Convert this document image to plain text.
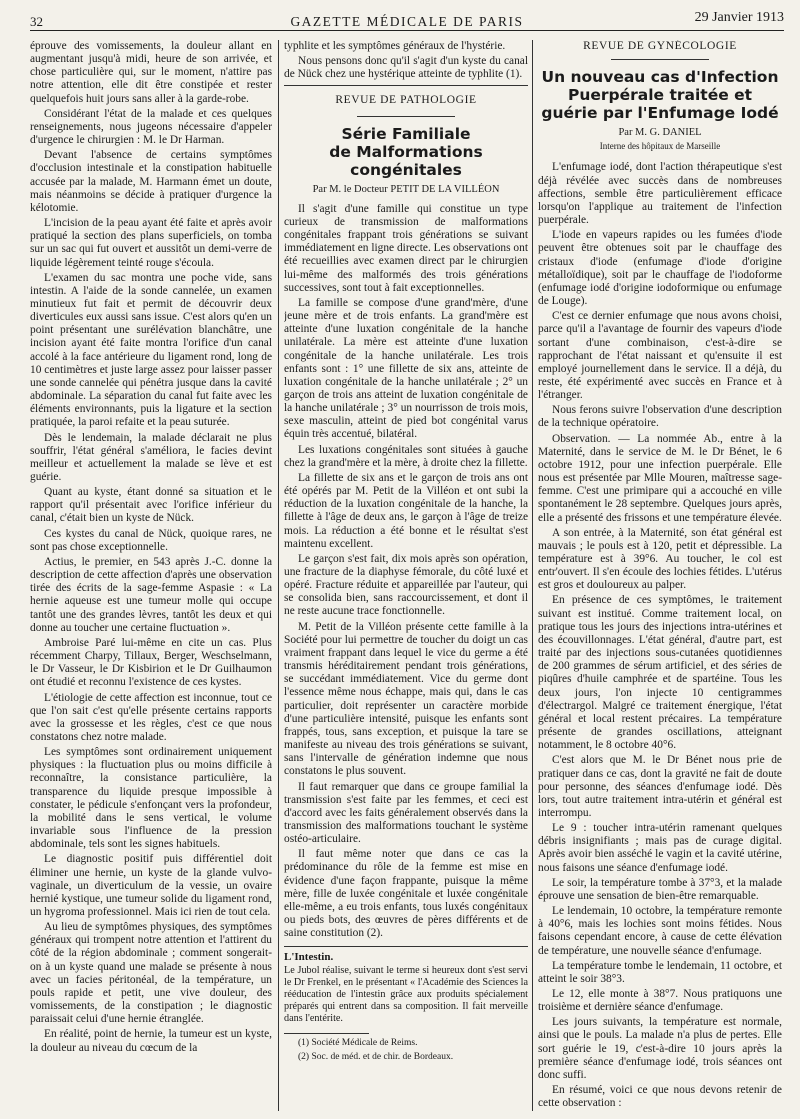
32	GAZETTE MÉDICALE DE PARIS	29 Janvier 1913

éprouve des vomissements, la douleur allant en augmentant jusqu'à midi, heure de son arrivée, et chose particulière qui, sur le moment, n'attire pas notre attention, elle dit être constipée et rester quelquefois huit jours sans aller à la garde-robe.

Considérant l'état de la malade et ces quelques renseignements, nous jugeons nécessaire d'appeler d'urgence le chirurgien : M. le Dr Harman.

Devant l'absence de certains symptômes d'occlusion intestinale et la constipation habituelle accusée par la malade, M. Harmann émet un doute, mais néanmoins se décide à pratiquer d'urgence la kélotomie.

L'incision de la peau ayant été faite et après avoir pratiqué la section des plans superficiels, on tomba sur un sac qui fut ouvert et aussitôt un demi-verre de liquide légèrement teinté rouge s'écoula.

L'examen du sac montra une poche vide, sans intestin. A l'aide de la sonde cannelée, un examen minutieux fut fait et permit de découvrir deux diverticules eux aussi sans issue. C'est alors qu'en un point présentant une surélévation blanchâtre, une incision ayant été faite montra l'orifice d'un canal accolé à la face antérieure du ligament rond, long de 10 centimètres et juste large assez pour laisser passer une sonde cannelée qui pénétra jusque dans la cavité abdominale. La séparation du canal fut faite avec les éléments environnants, puis la ligature et la section pratiquée, la paroi refaite et la peau suturée.

Dès le lendemain, la malade déclarait ne plus souffrir, l'état général s'améliora, le facies devint meilleur et actuellement la malade se lève et est guérie.

Quant au kyste, étant donné sa situation et le rapport qu'il présentait avec l'orifice inférieur du canal, c'était bien un kyste de Nück.

Ces kystes du canal de Nück, quoique rares, ne sont pas chose exceptionnelle.

Actius, le premier, en 543 après J.-C. donne la description de cette affection d'après une observation tirée des écrits de la sage-femme Aspasie : « La hernie aqueuse est une tumeur molle qui occupe tantôt une des grandes lèvres, tantôt les deux et qui donne au toucher une certaine fluctuation ».

Ambroise Paré lui-même en cite un cas. Plus récemment Charpy, Tillaux, Berger, Weschselmann, le Dr Vasseur, le Dr Kisbirion et le Dr Guilhaumon ont étudié et reconnu l'existence de ces kystes.

L'étiologie de cette affection est inconnue, tout ce que l'on sait c'est qu'elle présente certains rapports avec la grossesse et les règles, c'est ce que nous constatons chez notre malade.

Les symptômes sont ordinairement uniquement physiques : la fluctuation plus ou moins difficile à reconnaître, la consistance particulière, la transparence du liquide presque impossible à constater, le pédicule s'enfonçant vers la profondeur, la mobilité dans le sens vertical, le volume invariable sous l'influence de la pression abdominale, tels sont les signes habituels.

Le diagnostic positif puis différentiel doit éliminer une hernie, un kyste de la glande vulvo-vaginale, un diverticulum de la vessie, un ovaire hernié kystique, une tumeur solide du ligament rond, un hygroma professionnel. Mais ici rien de tout cela.

Au lieu de symptômes physiques, des symptômes généraux qui trompent notre attention et l'attirent du côté de la région abdominale ; comment songerait-on à un kyste quand une malade se présente à nous avec un facies péritonéal, de la température, un pouls rapide et petit, une vive douleur, des vomissements, de la constipation ; le diagnostic paraissait celui d'une hernie étranglée.

En réalité, point de hernie, la tumeur est un kyste, la douleur au niveau du cœcum de la

typhlite et les symptômes généraux de l'hystérie.

Nous pensons donc qu'il s'agit d'un kyste du canal de Nück chez une hystérique atteinte de typhlite (1).

REVUE DE PATHOLOGIE
Série Familiale
de Malformations congénitales
Par M. le Docteur PETIT DE LA VILLÉON

Il s'agit d'une famille qui constitue un type curieux de transmission de malformations congénitales frappant trois générations se suivant immédiatement en ligne directe. Les observations ont été recueillies avec examen direct par le chirurgien lui-même des malformés des trois générations successives, sont tout à fait exceptionnelles.

La famille se compose d'une grand'mère, d'une jeune mère et de trois enfants. La grand'mère est atteinte d'une luxation congénitale de la hanche unilatérale. La mère est atteinte d'une luxation congénitale de la hanche unilatérale. Les trois enfants sont : 1° une fillette de six ans, atteinte de luxation congénitale de la hanche unilatérale ; 2° un garçon de trois ans atteint de luxation congénitale de la hanche unilatérale ; 3° un nourrisson de trois mois, sexe masculin, atteint de pied bot congénital varus équin très accentué, bilatéral.

Les luxations congénitales sont situées à gauche chez la grand'mère et la mère, à droite chez la fillette.

La fillette de six ans et le garçon de trois ans ont été opérés par M. Petit de la Villéon et ont subi la réduction de la luxation congénitale de la hanche, la fillette à l'âge de deux ans, le garçon à l'âge de treize mois. La réduction a été bonne et le résultat s'est maintenu excellent.

Le garçon s'est fait, dix mois après son opération, une fracture de la diaphyse fémorale, du côté luxé et opéré. Fracture réduite et appareillée par l'auteur, qui se consolida bien, sans raccourcissement, et dont il ne reste aucune trace fonctionnelle.

M. Petit de la Villéon présente cette famille à la Société pour lui permettre de toucher du doigt un cas vraiment frappant dans lequel le vice du germe a été transmis héréditairement pendant trois générations, se succédant immédiatement. Vice du germe dont l'essence même nous échappe, mais qui, dans le cas particulier, doit représenter un caractère morbide d'une particulière intensité, puisque les enfants sont frappés, tous, sans exception, et puisque la tare se manifeste au niveau des trois générations se suivant, sans l'intervalle de génération indemne que nous constatons le plus souvent.

Il faut remarquer que dans ce groupe familial la transmission s'est faite par les femmes, et ceci est d'accord avec les faits généralement observés dans la transmission des malformations touchant le système ostéo-articulaire.

Il faut même noter que dans ce cas la prédominance du rôle de la femme est mise en évidence d'une façon frappante, puisque la même mère, fille de luxée congénitale et luxée congénitale elle-même, a eu trois enfants, tous luxés congénitaux ou pieds bots, des œuvres de pères différents et de saine constitution (2).

L'Intestin.
Le Jubol réalise, suivant le terme si heureux dont s'est servi le Dr Frenkel, en le présentant « l'Académie des Sciences la rééducation de l'intestin grâce aux produits spécialement préparés qui entrent dans sa composition. Il fait merveille dans l'entérite.

(1) Société Médicale de Reims.

(2) Soc. de méd. et de chir. de Bordeaux.

REVUE DE GYNÉCOLOGIE
Un nouveau cas d'Infection Puerpérale traitée et guérie par l'Enfumage Iodé
Par M. G. DANIEL
Interne des hôpitaux de Marseille

L'enfumage iodé, dont l'action thérapeutique s'est déjà révélée avec succès dans de nombreuses affections, semble être particulièrement efficace lorsqu'on l'applique au traitement de l'infection puerpérale.

L'iode en vapeurs rapides ou les fumées d'iode peuvent être obtenues soit par le chauffage des cristaux d'iode (enfumage d'iode d'origine métalloïdique), soit par le chauffage de l'iodoforme (enfumage iodé d'origine iodoformique ou enfumage de Louge).

C'est ce dernier enfumage que nous avons choisi, parce qu'il a l'avantage de fournir des vapeurs d'iode sortant d'une combinaison, c'est-à-dire se rapprochant de l'état naissant et qu'ensuite il est employé journellement dans le service. Il a déjà, du reste, été expérimenté avec succès en France et à l'étranger.

Nous ferons suivre l'observation d'une description de la technique opératoire.

Observation. — La nommée Ab., entre à la Maternité, dans le service de M. le Dr Bénet, le 6 octobre 1912, pour une infection puerpérale. Elle nous est présentée par Mlle Mouren, maîtresse sage-femme. C'est une primipare qui a accouché en ville spontanément le 28 septembre. Quelques jours après, elle a présenté des frissons et une température élevée.

A son entrée, à la Maternité, son état général est mauvais ; le pouls est à 120, petit et dépressible. La température est à 39°6. Au toucher, le col est entr'ouvert. Il s'en écoule des lochies fétides. L'utérus est gros et douloureux au palper.

En présence de ces symptômes, le traitement suivant est institué. Comme traitement local, on pratique tous les jours des injections intra-utérines et des écouvillonnages. L'état général, d'autre part, est traité par des injections sous-cutanées quotidiennes de 200 grammes de sérum artificiel, et des séries de piqûres d'huile camphrée et de spartéine. Tous les deux jours, l'on injecte 10 centigrammes d'électrargol. Malgré ce traitement énergique, l'état général et local restent précaires. La température présente de grandes oscillations, atteignant notamment, le 8 octobre 40°6.

C'est alors que M. le Dr Bénet nous prie de pratiquer dans ce cas, dont la gravité ne fait de doute pour personne, des séances d'enfumage iodé. Dès lors, tout autre traitement intra-utérin et général est interrompu.

Le 9 : toucher intra-utérin ramenant quelques débris insignifiants ; mais pas de curage digital. Après avoir bien asséché le vagin et la cavité utérine, nous faisons une séance d'enfumage iodé.

Le soir, la température tombe à 37°3, et la malade éprouve une sensation de bien-être remarquable.

Le lendemain, 10 octobre, la température remonte à 40°6, mais les lochies sont moins fétides. Nous faisons cependant encore, à cause de cette élévation de température, une nouvelle séance d'enfumage.

La température tombe le lendemain, 11 octobre, et atteint le soir 38°3.

Le 12, elle monte à 38°7. Nous pratiquons une troisième et dernière séance d'enfumage.

Les jours suivants, la température est normale, ainsi que le pouls. La malade n'a plus de pertes. Elle sort guérie le 19, c'est-à-dire 10 jours après la première séance d'enfumage iodé, trois séances ont donc suffi.

En résumé, voici ce que nous devons retenir de cette observation :
